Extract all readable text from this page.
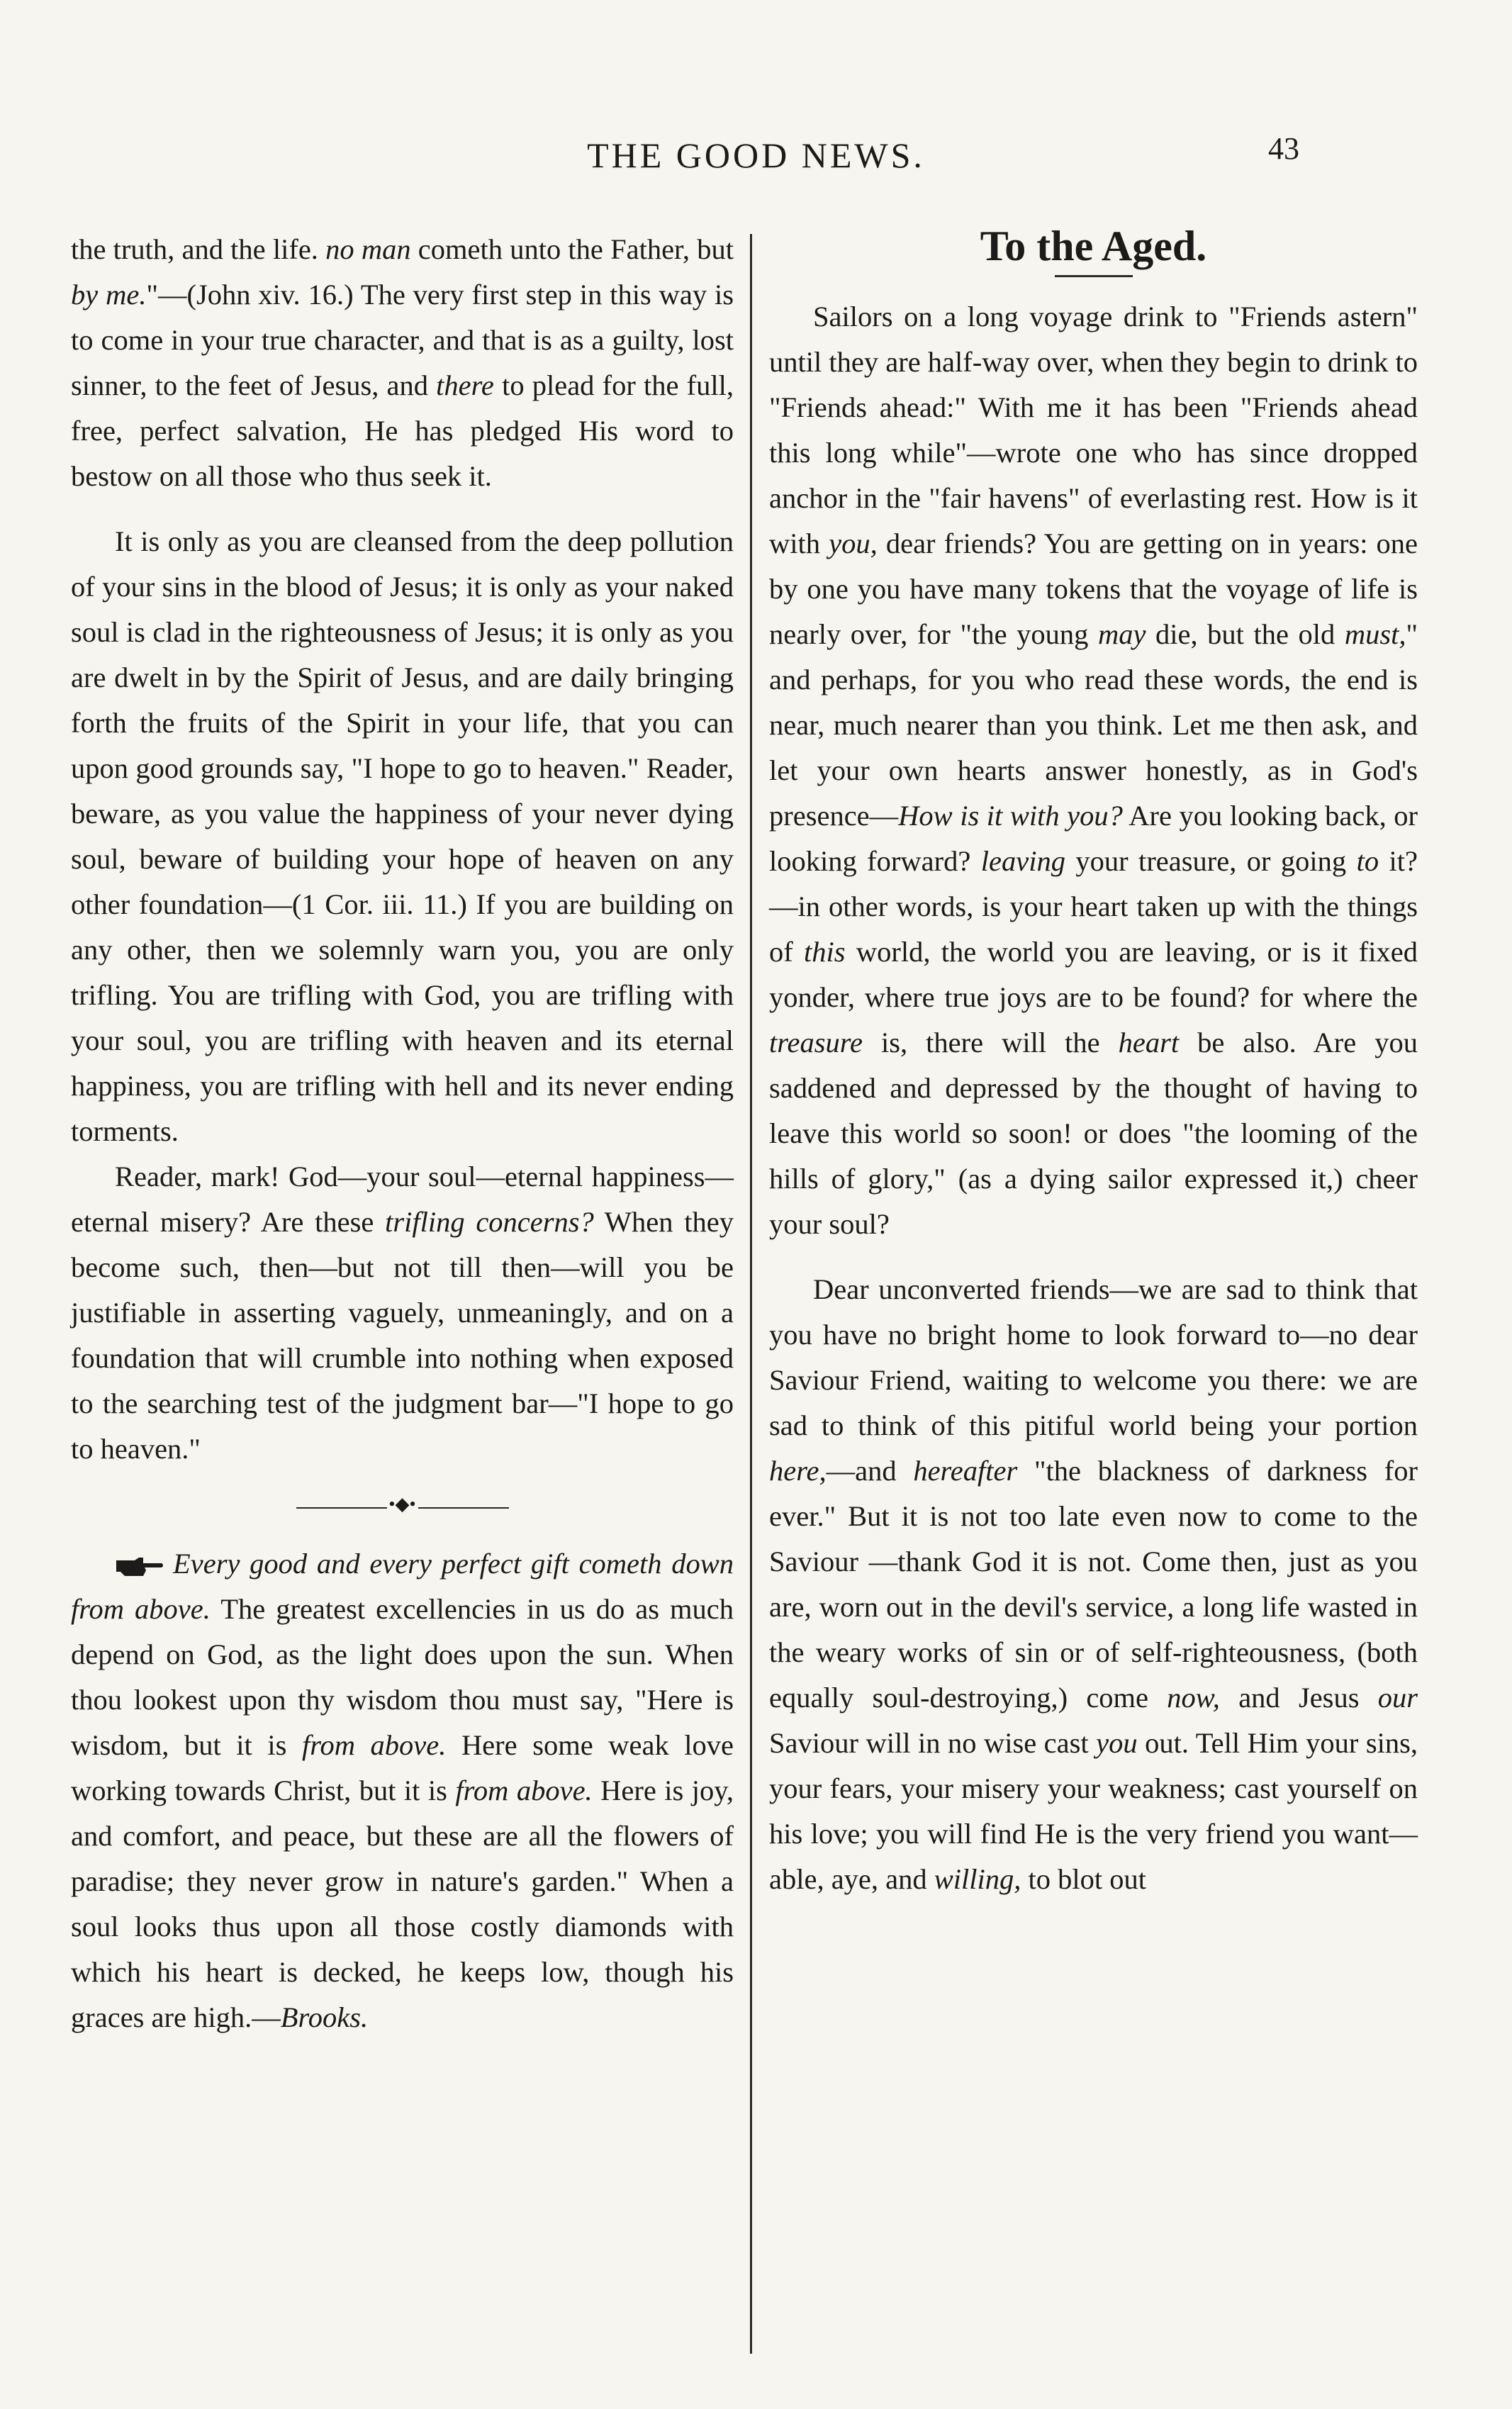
THE GOOD NEWS.	43

the truth, and the life. no man cometh unto the Father, but by me."—(John xiv. 16.) The very first step in this way is to come in your true character, and that is as a guilty, lost sinner, to the feet of Jesus, and there to plead for the full, free, perfect salvation, He has pledged His word to bestow on all those who thus seek it.

It is only as you are cleansed from the deep pollution of your sins in the blood of Jesus; it is only as your naked soul is clad in the righteousness of Jesus; it is only as you are dwelt in by the Spirit of Jesus, and are daily bringing forth the fruits of the Spirit in your life, that you can upon good grounds say, "I hope to go to heaven." Reader, beware, as you value the happiness of your never dying soul, beware of building your hope of heaven on any other foundation—(1 Cor. iii. 11.) If you are building on any other, then we solemnly warn you, you are only trifling. You are trifling with God, you are trifling with your soul, you are trifling with heaven and its eternal happiness, you are trifling with hell and its never ending torments.

Reader, mark! God—your soul—eternal happiness—eternal misery? Are these trifling concerns? When they become such, then—but not till then—will you be justifiable in asserting vaguely, unmeaningly, and on a foundation that will crumble into nothing when exposed to the searching test of the judgment bar—"I hope to go to heaven."

•◆•

Every good and every perfect gift cometh down from above. The greatest excellencies in us do as much depend on God, as the light does upon the sun. When thou lookest upon thy wisdom thou must say, "Here is wisdom, but it is from above. Here some weak love working towards Christ, but it is from above. Here is joy, and comfort, and peace, but these are all the flowers of paradise; they never grow in nature's garden." When a soul looks thus upon all those costly diamonds with which his heart is decked, he keeps low, though his graces are high.—Brooks.

To the Aged.

Sailors on a long voyage drink to "Friends astern" until they are half-way over, when they begin to drink to "Friends ahead:" With me it has been "Friends ahead this long while"—wrote one who has since dropped anchor in the "fair havens" of everlasting rest. How is it with you, dear friends? You are getting on in years: one by one you have many tokens that the voyage of life is nearly over, for "the young may die, but the old must," and perhaps, for you who read these words, the end is near, much nearer than you think. Let me then ask, and let your own hearts answer honestly, as in God's presence—How is it with you? Are you looking back, or looking forward? leaving your treasure, or going to it?—in other words, is your heart taken up with the things of this world, the world you are leaving, or is it fixed yonder, where true joys are to be found? for where the treasure is, there will the heart be also. Are you saddened and depressed by the thought of having to leave this world so soon! or does "the looming of the hills of glory," (as a dying sailor expressed it,) cheer your soul?

Dear unconverted friends—we are sad to think that you have no bright home to look forward to—no dear Saviour Friend, waiting to welcome you there: we are sad to think of this pitiful world being your portion here,—and hereafter "the blackness of darkness for ever." But it is not too late even now to come to the Saviour —thank God it is not. Come then, just as you are, worn out in the devil's service, a long life wasted in the weary works of sin or of self-righteousness, (both equally soul-destroying,) come now, and Jesus our Saviour will in no wise cast you out. Tell Him your sins, your fears, your misery your weakness; cast yourself on his love; you will find He is the very friend you want—able, aye, and willing, to blot out
